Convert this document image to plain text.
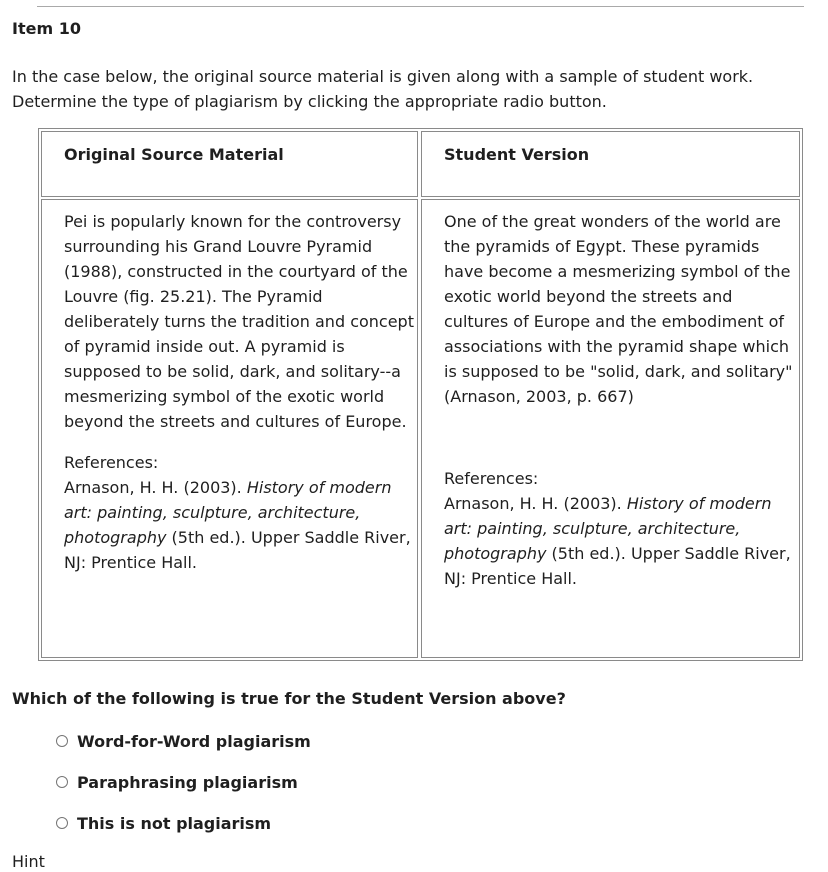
Item 10

In the case below, the original source material is given along with a sample of student work. Determine the type of plagiarism by clicking the appropriate radio button.

Original Source Material	Student Version

Pei is popularly known for the controversy surrounding his Grand Louvre Pyramid (1988), constructed in the courtyard of the Louvre (fig. 25.21). The Pyramid deliberately turns the tradition and concept of pyramid inside out. A pyramid is supposed to be solid, dark, and solitary--a mesmerizing symbol of the exotic world beyond the streets and cultures of Europe.

References:

Arnason, H. H. (2003). History of modern art: painting, sculpture, architecture, photography (5th ed.). Upper Saddle River, NJ: Prentice Hall.

One of the great wonders of the world are the pyramids of Egypt. These pyramids have become a mesmerizing symbol of the exotic world beyond the streets and cultures of Europe and the embodiment of associations with the pyramid shape which is supposed to be "solid, dark, and solitary" (Arnason, 2003, p. 667)

References:

Arnason, H. H. (2003). History of modern art: painting, sculpture, architecture, photography (5th ed.). Upper Saddle River, NJ: Prentice Hall.

Which of the following is true for the Student Version above?

Word-for-Word plagiarism
Paraphrasing plagiarism
This is not plagiarism
Hint
